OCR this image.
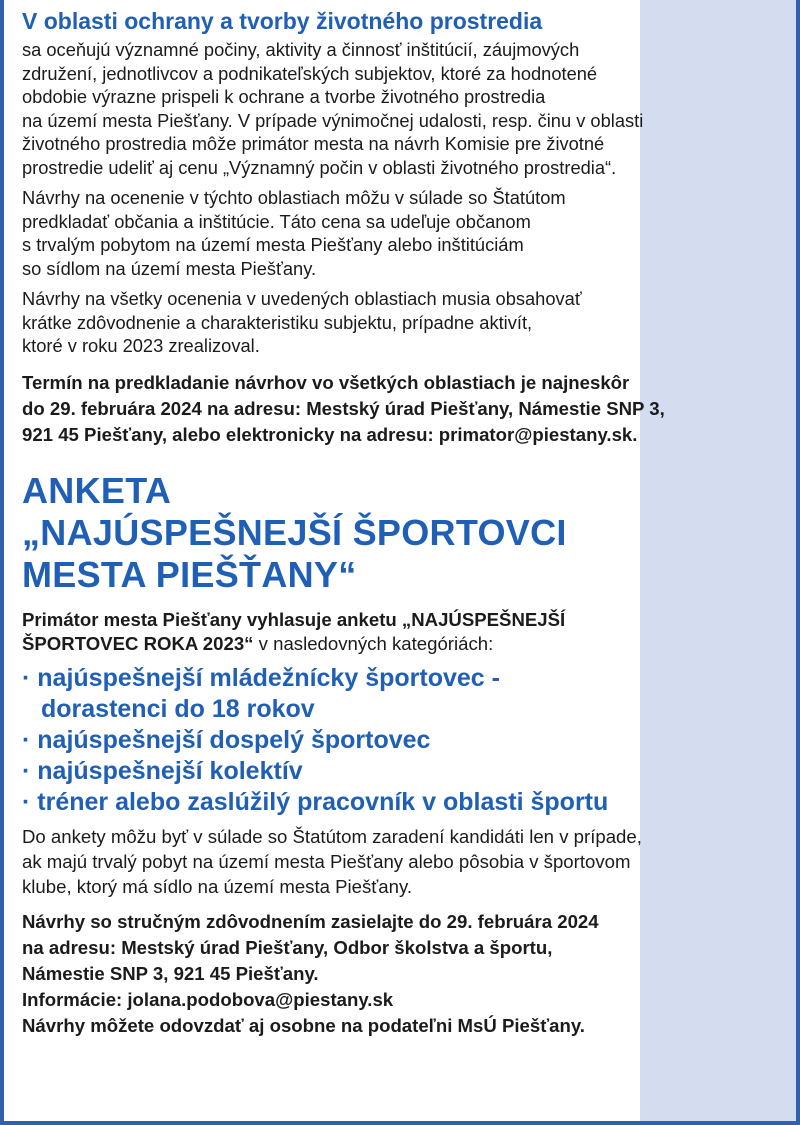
V oblasti ochrany a tvorby životného prostredia
sa oceňujú významné počiny, aktivity a činnosť inštitúcií, záujmových
združení, jednotlivcov a podnikateľských subjektov, ktoré za hodnotené
obdobie výrazne prispeli k ochrane a tvorbe životného prostredia
na území mesta Piešťany. V prípade výnimočnej udalosti, resp. činu v oblasti
životného prostredia môže primátor mesta na návrh Komisie pre životné
prostredie udeliť aj cenu „Významný počin v oblasti životného prostredia“.
Návrhy na ocenenie v týchto oblastiach môžu v súlade so Štatútom
predkladať občania a inštitúcie. Táto cena sa udeľuje občanom
s trvalým pobytom na území mesta Piešťany alebo inštitúciám
so sídlom na území mesta Piešťany.
Návrhy na všetky ocenenia v uvedených oblastiach musia obsahovať
krátke zdôvodnenie a charakteristiku subjektu, prípadne aktivít,
ktoré v roku 2023 zrealizoval.
Termín na predkladanie návrhov vo všetkých oblastiach je najneskôr
do 29. februára 2024 na adresu: Mestský úrad Piešťany, Námestie SNP 3,
921 45 Piešťany, alebo elektronicky na adresu: primator@piestany.sk.
ANKETA
„NAJÚSPEŠNEJŠÍ ŠPORTOVCI
MESTA PIEŠŤANY“
Primátor mesta Piešťany vyhlasuje anketu „NAJÚSPEŠNEJŠÍ
ŠPORTOVEC ROKA 2023“ v nasledovných kategóriách:
· najúspešnejší mládežnícky športovec -
dorastenci do 18 rokov
· najúspešnejší dospelý športovec
· najúspešnejší kolektív
· tréner alebo zaslúžilý pracovník v oblasti športu
Do ankety môžu byť v súlade so Štatútom zaradení kandidáti len v prípade,
ak majú trvalý pobyt na území mesta Piešťany alebo pôsobia v športovom
klube, ktorý má sídlo na území mesta Piešťany.
Návrhy so stručným zdôvodnením zasielajte do 29. februára 2024
na adresu: Mestský úrad Piešťany, Odbor školstva a športu,
Námestie SNP 3, 921 45 Piešťany.
Informácie: jolana.podobova@piestany.sk
Návrhy môžete odovzdať aj osobne na podateľni MsÚ Piešťany.
